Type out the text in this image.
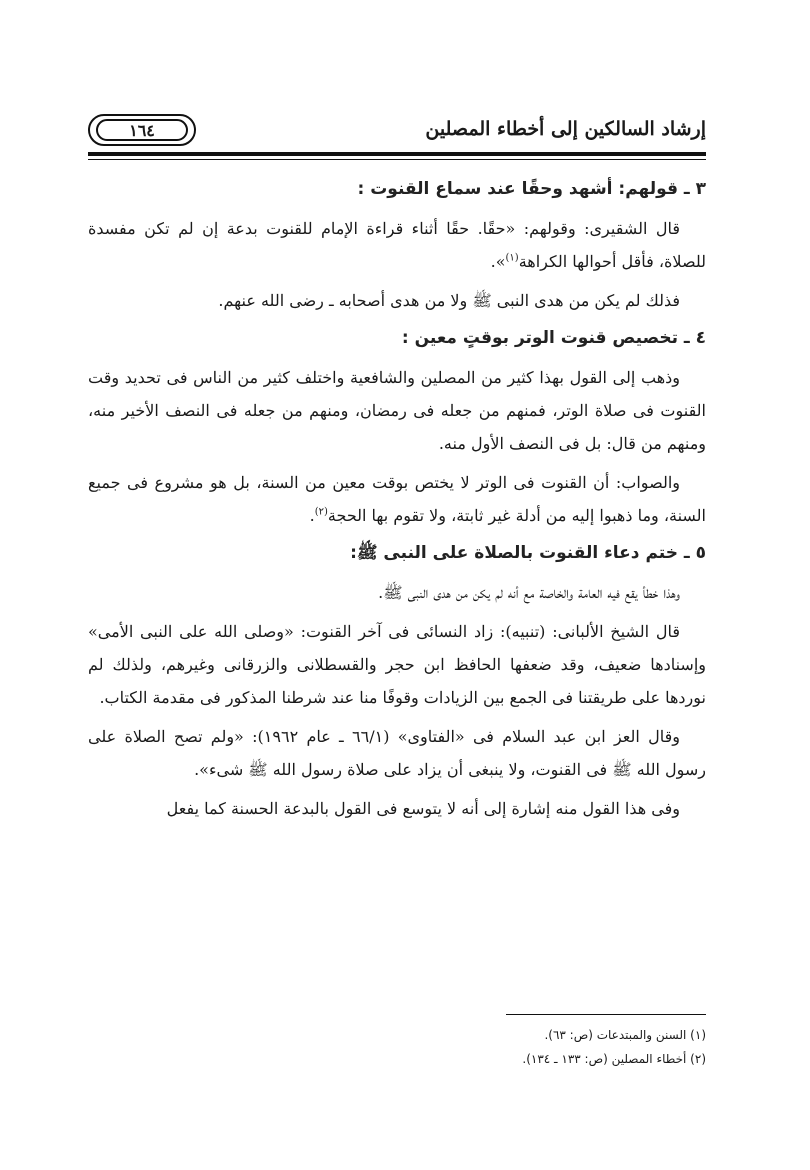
إرشاد السالكين إلى أخطاء المصلين
١٦٤
٣ ـ قولهم: أشهد وحقًا عند سماع القنوت :

قال الشقيرى: وقولهم: «حقًا. حقًا أثناء قراءة الإمام للقنوت بدعة إن لم تكن مفسدة للصلاة، فأقل أحوالها الكراهة$^{(١)}$».

فذلك لم يكن من هدى النبى ﷺ ولا من هدى أصحابه ـ رضى الله عنهم.

٤ ـ تخصيص قنوت الوتر بوقتٍ معين :

وذهب إلى القول بهذا كثير من المصلين والشافعية واختلف كثير من الناس فى تحديد وقت القنوت فى صلاة الوتر، فمنهم من جعله فى رمضان، ومنهم من جعله فى النصف الأخير منه، ومنهم من قال: بل فى النصف الأول منه.

والصواب: أن القنوت فى الوتر لا يختص بوقت معين من السنة، بل هو مشروع فى جميع السنة، وما ذهبوا إليه من أدلة غير ثابتة، ولا تقوم بها الحجة$^{(٢)}$.

٥ ـ ختم دعاء القنوت بالصلاة على النبى ﷺ:

وهذا خطأ يقع فيه العامة والخاصة مع أنه لم يكن من هدى النبى ﷺ.

قال الشيخ الألبانى: (تنبيه): زاد النسائى فى آخر القنوت: «وصلى الله على النبى الأمى» وإسنادها ضعيف، وقد ضعفها الحافظ ابن حجر والقسطلانى والزرقانى وغيرهم، ولذلك لم نوردها على طريقتنا فى الجمع بين الزيادات وقوفًا منا عند شرطنا المذكور فى مقدمة الكتاب.

وقال العز ابن عبد السلام فى «الفتاوى» (٦٦/١ ـ عام ١٩٦٢): «ولم تصح الصلاة على رسول الله ﷺ فى القنوت، ولا ينبغى أن يزاد على صلاة رسول الله ﷺ شىء».

وفى هذا القول منه إشارة إلى أنه لا يتوسع فى القول بالبدعة الحسنة كما يفعل

(١) السنن والمبتدعات (ص: ٦٣).
(٢) أخطاء المصلين (ص: ١٣٣ ـ ١٣٤).
